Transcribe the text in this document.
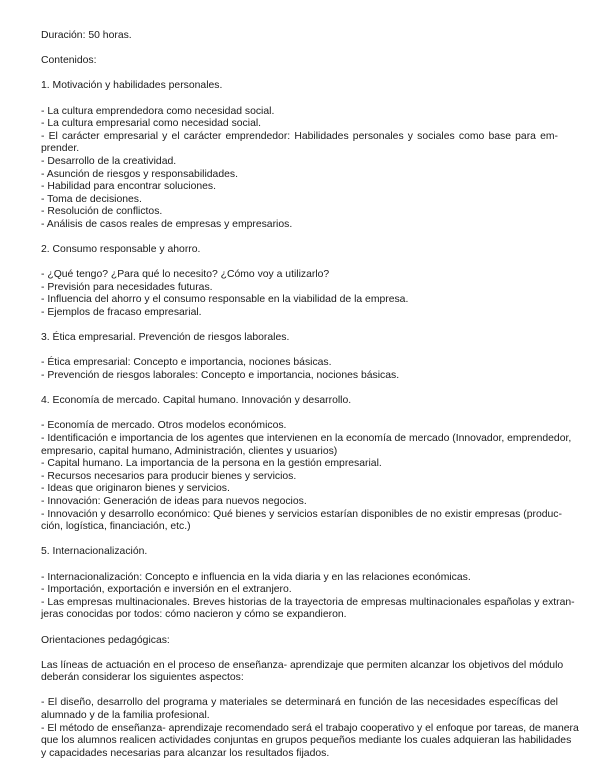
Duración: 50 horas.
Contenidos:
1. Motivación y habilidades personales.
- La cultura emprendedora como necesidad social.
- La cultura empresarial como necesidad social.
- El carácter empresarial y el carácter emprendedor: Habilidades personales y sociales como base para em-
prender.
- Desarrollo de la creatividad.
- Asunción de riesgos y responsabilidades.
- Habilidad para encontrar soluciones.
- Toma de decisiones.
- Resolución de conflictos.
- Análisis de casos reales de empresas y empresarios.
2. Consumo responsable y ahorro.
- ¿Qué tengo? ¿Para qué lo necesito? ¿Cómo voy a utilizarlo?
- Previsión para necesidades futuras.
- Influencia del ahorro y el consumo responsable en la viabilidad de la empresa.
- Ejemplos de fracaso empresarial.
3. Ética empresarial. Prevención de riesgos laborales.
- Ética empresarial: Concepto e importancia, nociones básicas.
- Prevención de riesgos laborales: Concepto e importancia, nociones básicas.
4. Economía de mercado. Capital humano. Innovación y desarrollo.
- Economía de mercado. Otros modelos económicos.
- Identificación e importancia de los agentes que intervienen en la economía de mercado (Innovador, emprendedor,
empresario, capital humano, Administración, clientes y usuarios)
- Capital humano. La importancia de la persona en la gestión empresarial.
- Recursos necesarios para producir bienes y servicios.
- Ideas que originaron bienes y servicios.
- Innovación: Generación de ideas para nuevos negocios.
- Innovación y desarrollo económico: Qué bienes y servicios estarían disponibles de no existir empresas (produc-
ción, logística, financiación, etc.)
5. Internacionalización.
- Internacionalización: Concepto e influencia en la vida diaria y en las relaciones económicas.
- Importación, exportación e inversión en el extranjero.
- Las empresas multinacionales. Breves historias de la trayectoria de empresas multinacionales españolas y extran-
jeras conocidas por todos: cómo nacieron y cómo se expandieron.
Orientaciones pedagógicas:
Las líneas de actuación en el proceso de enseñanza- aprendizaje que permiten alcanzar los objetivos del módulo
deberán considerar los siguientes aspectos:
- El diseño, desarrollo del programa y materiales se determinará en función de las necesidades específicas del
alumnado y de la familia profesional.
- El método de enseñanza- aprendizaje recomendado será el trabajo cooperativo y el enfoque por tareas, de manera
que los alumnos realicen actividades conjuntas en grupos pequeños mediante los cuales adquieran las habilidades
y capacidades necesarias para alcanzar los resultados fijados.
